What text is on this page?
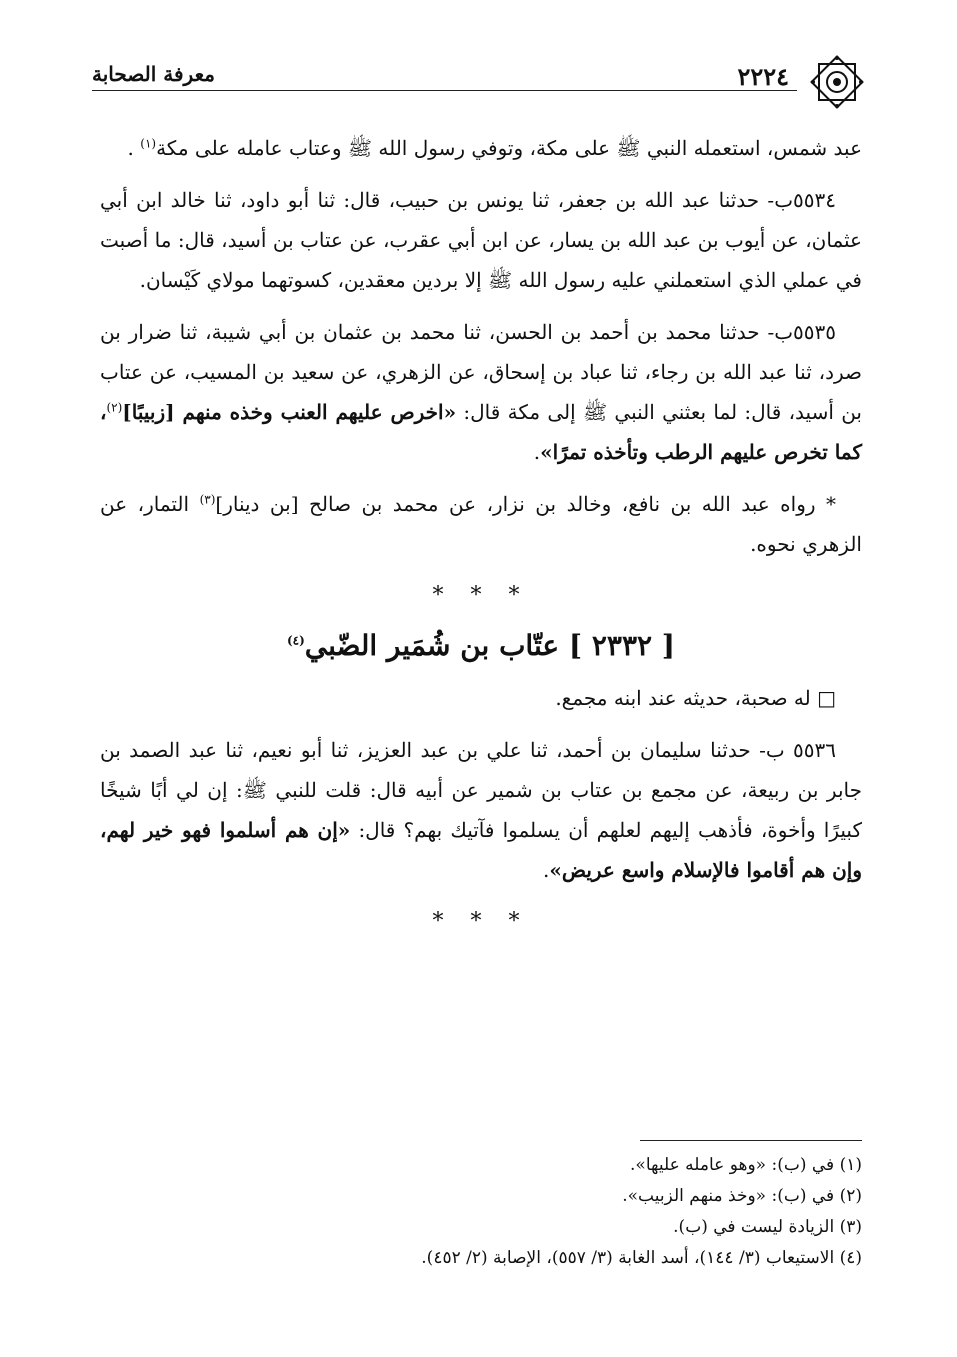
معرفة الصحابة	٢٢٢٤

عبد شمس، استعمله النبي ﷺ على مكة، وتوفي رسول الله ﷺ وعتاب عامله على مكة$^{(١)}$ .

٥٥٣٤ب- حدثنا عبد الله بن جعفر، ثنا يونس بن حبيب، قال: ثنا أبو داود، ثنا خالد ابن أبي عثمان، عن أيوب بن عبد الله بن يسار، عن ابن أبي عقرب، عن عتاب بن أسيد، قال: ما أصبت في عملي الذي استعملني عليه رسول الله ﷺ إلا بردين معقدين، كسوتهما مولاي كَيْسان.

٥٥٣٥ب- حدثنا محمد بن أحمد بن الحسن، ثنا محمد بن عثمان بن أبي شيبة، ثنا ضرار بن صرد، ثنا عبد الله بن رجاء، ثنا عباد بن إسحاق، عن الزهري، عن سعيد بن المسيب، عن عتاب بن أسيد، قال: لما بعثني النبي ﷺ إلى مكة قال: «اخرص عليهم العنب وخذه منهم [زبيبًا]$^{(٢)}$، كما تخرص عليهم الرطب وتأخذه تمرًا».

* رواه عبد الله بن نافع، وخالد بن نزار، عن محمد بن صالح [بن دينار]$^{(٣)}$ التمار، عن الزهري نحوه.

* * *
[ ٢٣٣٢ ] عتّاب بن شُمَير الضّبي$^{(٤)}$

□ له صحبة، حديثه عند ابنه مجمع.

٥٥٣٦ ب- حدثنا سليمان بن أحمد، ثنا علي بن عبد العزيز، ثنا أبو نعيم، ثنا عبد الصمد بن جابر بن ربيعة، عن مجمع بن عتاب بن شمير عن أبيه قال: قلت للنبي ﷺ: إن لي أبًا شيخًا كبيرًا وأخوة، فأذهب إليهم لعلهم أن يسلموا فآتيك بهم؟ قال: «إن هم أسلموا فهو خير لهم، وإن هم أقاموا فالإسلام واسع عريض».

* * *
(١) في (ب): «وهو عامله عليها».
(٢) في (ب): «وخذ منهم الزبيب».
(٣) الزيادة ليست في (ب).
(٤) الاستيعاب (٣/ ١٤٤)، أسد الغابة (٣/ ٥٥٧)، الإصابة (٢/ ٤٥٢).
